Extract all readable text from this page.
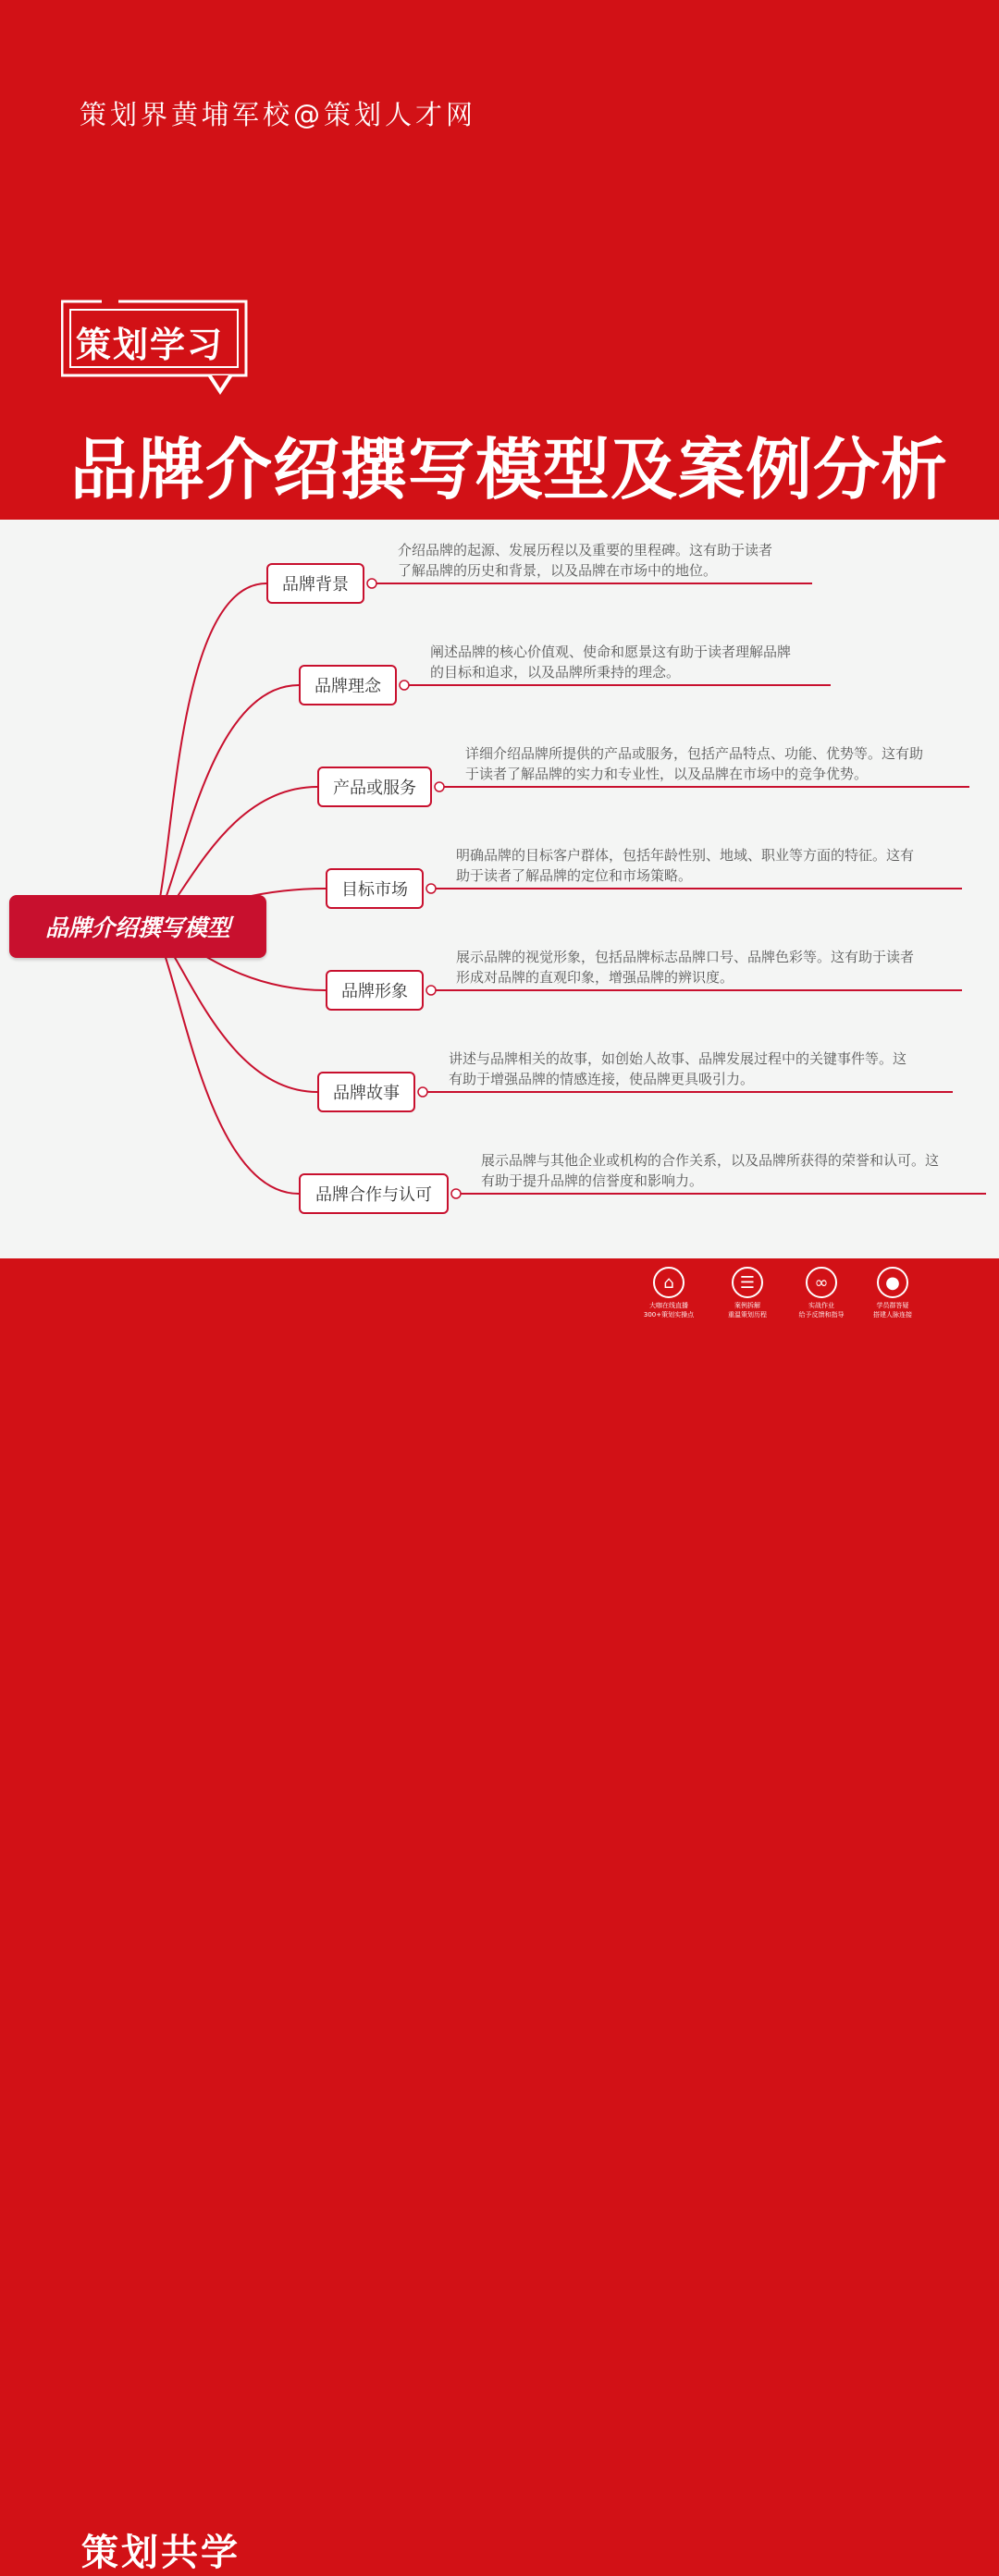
策划界黄埔军校@策划人才网
策划学习
品牌介绍撰写模型及案例分析
品牌介绍撰写模型
品牌背景
介绍品牌的起源、发展历程以及重要的里程碑。这有助于读者
了解品牌的历史和背景，以及品牌在市场中的地位。
品牌理念
阐述品牌的核心价值观、使命和愿景这有助于读者理解品牌
的目标和追求，以及品牌所秉持的理念。
产品或服务
详细介绍品牌所提供的产品或服务，包括产品特点、功能、优势等。这有助
于读者了解品牌的实力和专业性，以及品牌在市场中的竞争优势。
目标市场
明确品牌的目标客户群体，包括年龄性别、地域、职业等方面的特征。这有
助于读者了解品牌的定位和市场策略。
品牌形象
展示品牌的视觉形象，包括品牌标志品牌口号、品牌色彩等。这有助于读者
形成对品牌的直观印象，增强品牌的辨识度。
品牌故事
讲述与品牌相关的故事，如创始人故事、品牌发展过程中的关键事件等。这
有助于增强品牌的情感连接，使品牌更具吸引力。
品牌合作与认可
展示品牌与其他企业或机构的合作关系，以及品牌所获得的荣誉和认可。这
有助于提升品牌的信誉度和影响力。
策划共学
⌂
大咖在线直播
300+策划实操点
☰
案例拆解
重温策划历程
∞
实战作业
给予反馈和指导
●
学员群答疑
搭建人脉连接
